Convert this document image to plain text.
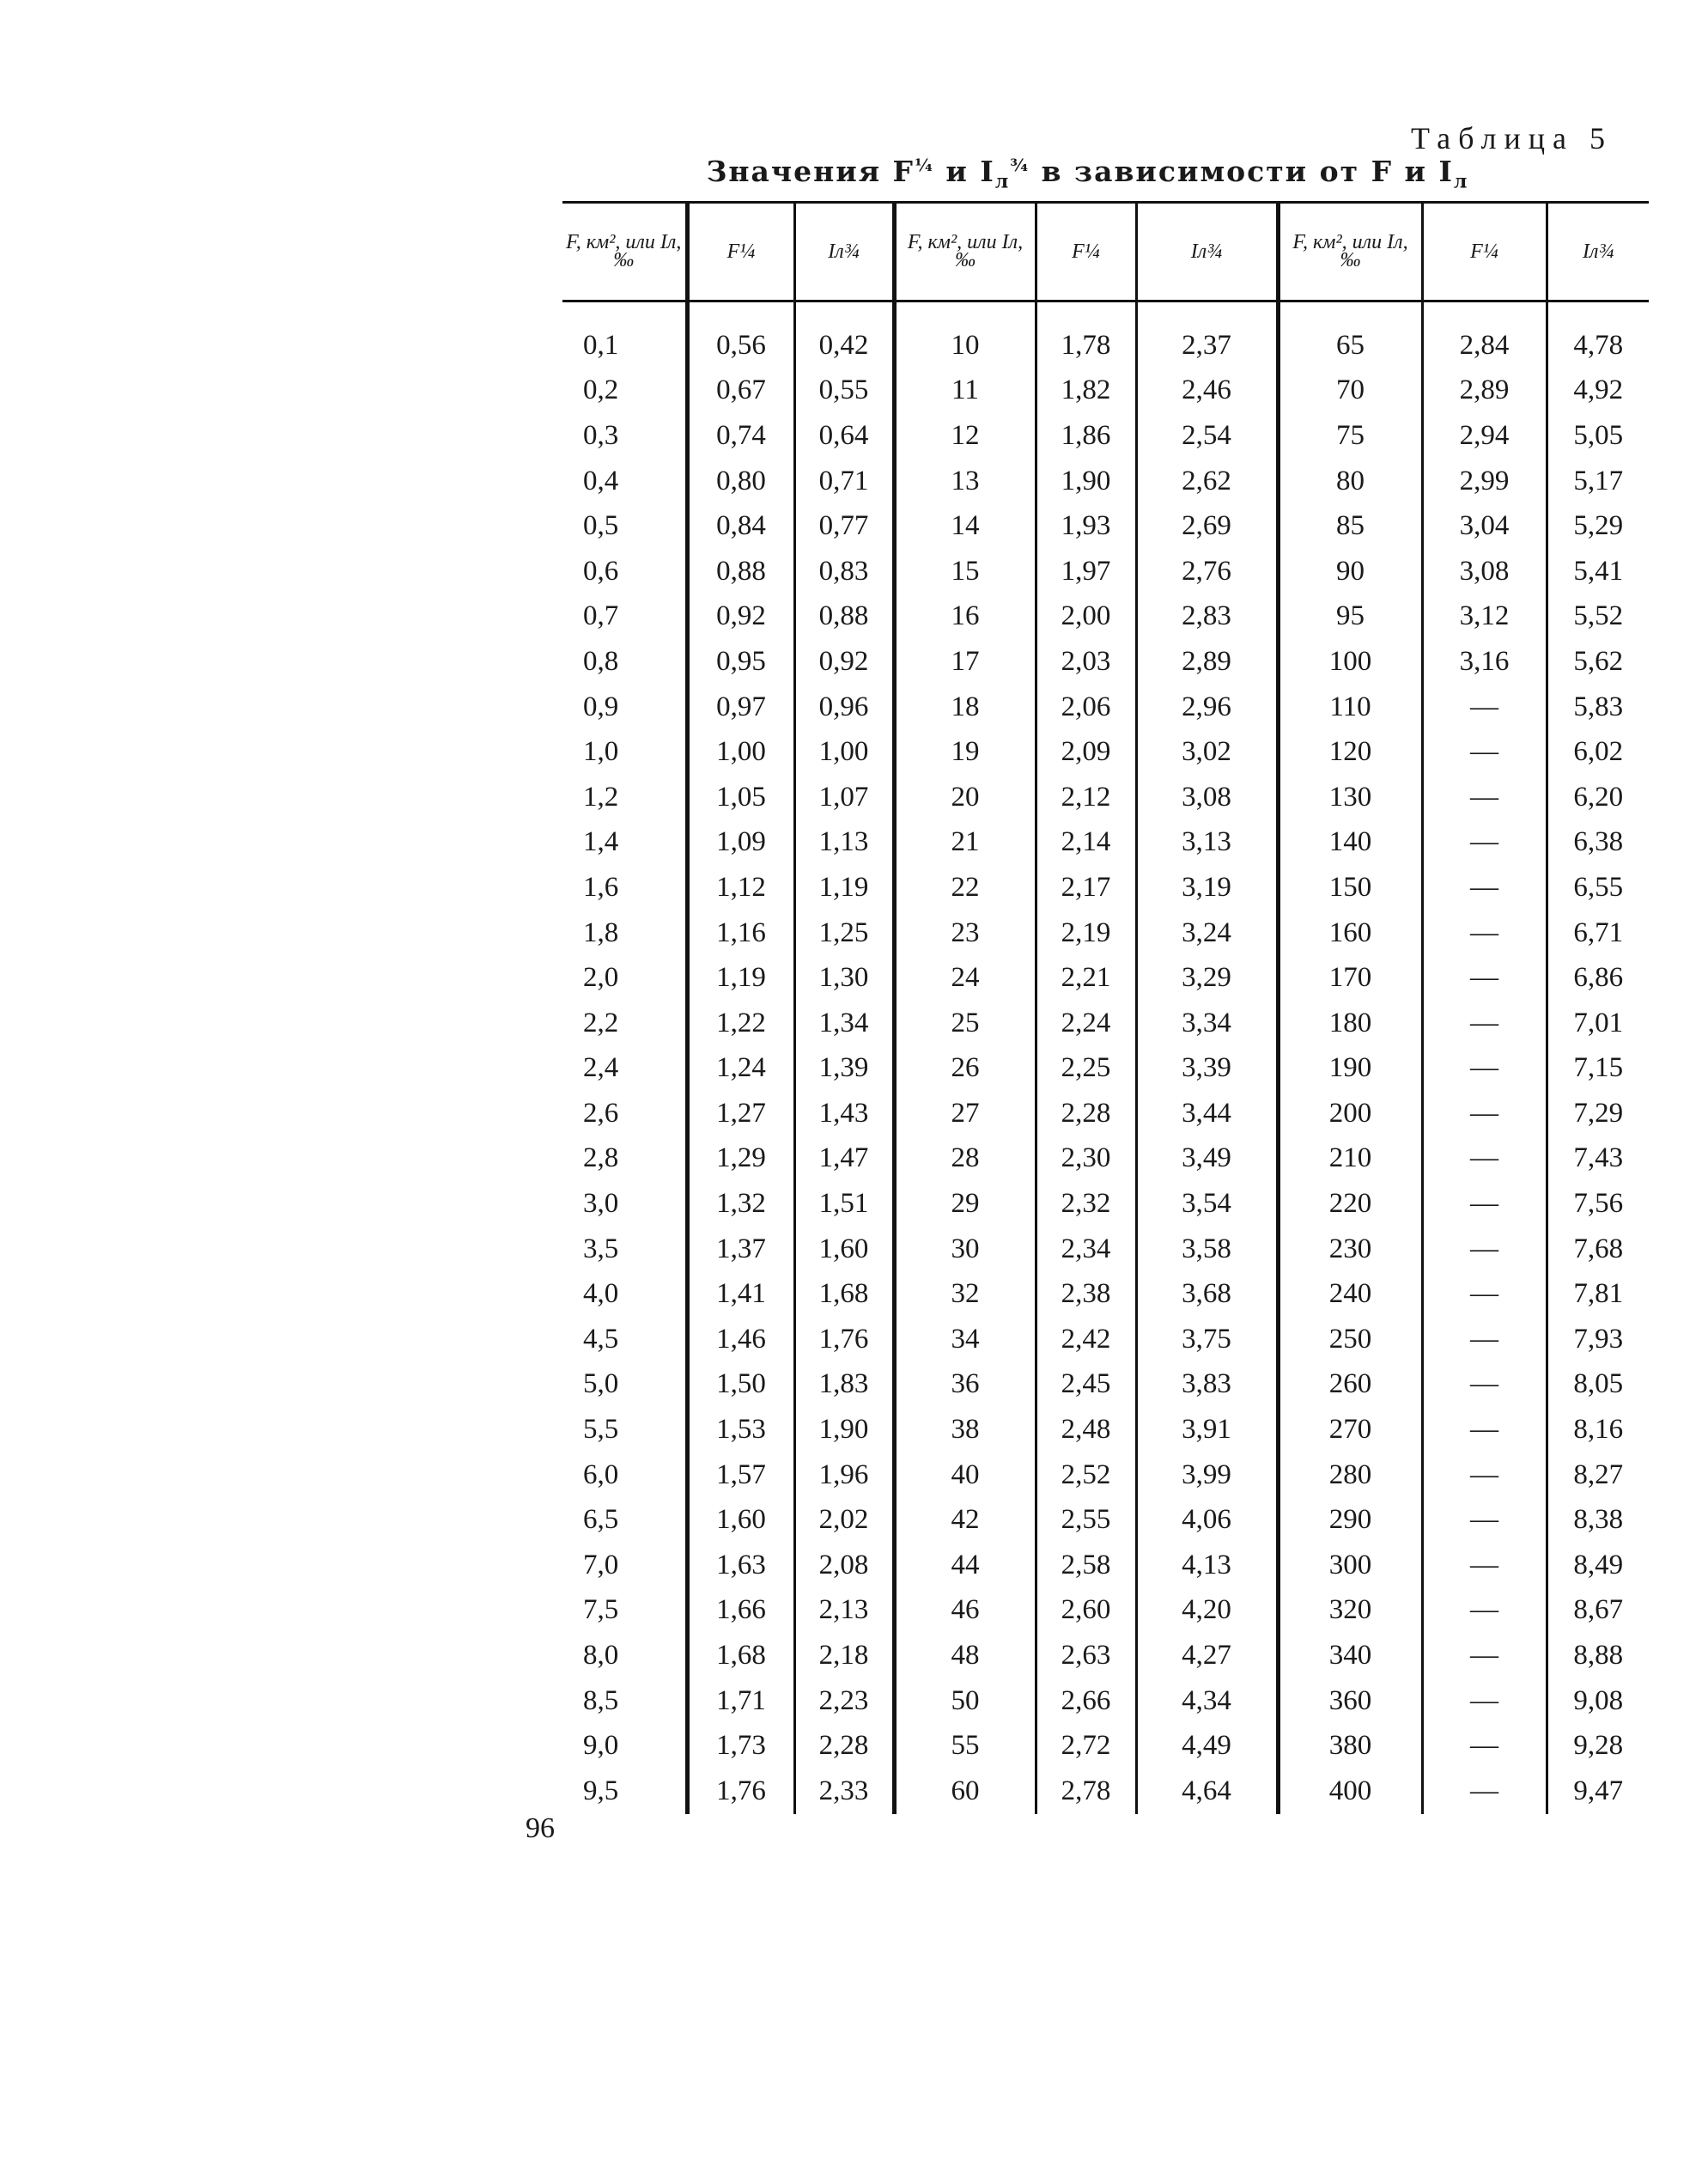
Таблица 5
Значения $F^{\frac{1}{4}}$ и $I_л^{\frac{3}{4}}$ в зависимости от F и $I_л$
F, км², или Iл, ‰	F¼	Iл¾	F, км², или Iл, ‰	F¼	Iл¾	F, км², или Iл, ‰	F¼	Iл¾

0,1	0,56	0,42	10	1,78	2,37	65	2,84	4,78
0,2	0,67	0,55	11	1,82	2,46	70	2,89	4,92
0,3	0,74	0,64	12	1,86	2,54	75	2,94	5,05
0,4	0,80	0,71	13	1,90	2,62	80	2,99	5,17
0,5	0,84	0,77	14	1,93	2,69	85	3,04	5,29
0,6	0,88	0,83	15	1,97	2,76	90	3,08	5,41
0,7	0,92	0,88	16	2,00	2,83	95	3,12	5,52
0,8	0,95	0,92	17	2,03	2,89	100	3,16	5,62
0,9	0,97	0,96	18	2,06	2,96	110	—	5,83
1,0	1,00	1,00	19	2,09	3,02	120	—	6,02
1,2	1,05	1,07	20	2,12	3,08	130	—	6,20
1,4	1,09	1,13	21	2,14	3,13	140	—	6,38
1,6	1,12	1,19	22	2,17	3,19	150	—	6,55
1,8	1,16	1,25	23	2,19	3,24	160	—	6,71
2,0	1,19	1,30	24	2,21	3,29	170	—	6,86
2,2	1,22	1,34	25	2,24	3,34	180	—	7,01
2,4	1,24	1,39	26	2,25	3,39	190	—	7,15
2,6	1,27	1,43	27	2,28	3,44	200	—	7,29
2,8	1,29	1,47	28	2,30	3,49	210	—	7,43
3,0	1,32	1,51	29	2,32	3,54	220	—	7,56
3,5	1,37	1,60	30	2,34	3,58	230	—	7,68
4,0	1,41	1,68	32	2,38	3,68	240	—	7,81
4,5	1,46	1,76	34	2,42	3,75	250	—	7,93
5,0	1,50	1,83	36	2,45	3,83	260	—	8,05
5,5	1,53	1,90	38	2,48	3,91	270	—	8,16
6,0	1,57	1,96	40	2,52	3,99	280	—	8,27
6,5	1,60	2,02	42	2,55	4,06	290	—	8,38
7,0	1,63	2,08	44	2,58	4,13	300	—	8,49
7,5	1,66	2,13	46	2,60	4,20	320	—	8,67
8,0	1,68	2,18	48	2,63	4,27	340	—	8,88
8,5	1,71	2,23	50	2,66	4,34	360	—	9,08
9,0	1,73	2,28	55	2,72	4,49	380	—	9,28
9,5	1,76	2,33	60	2,78	4,64	400	—	9,47
96
